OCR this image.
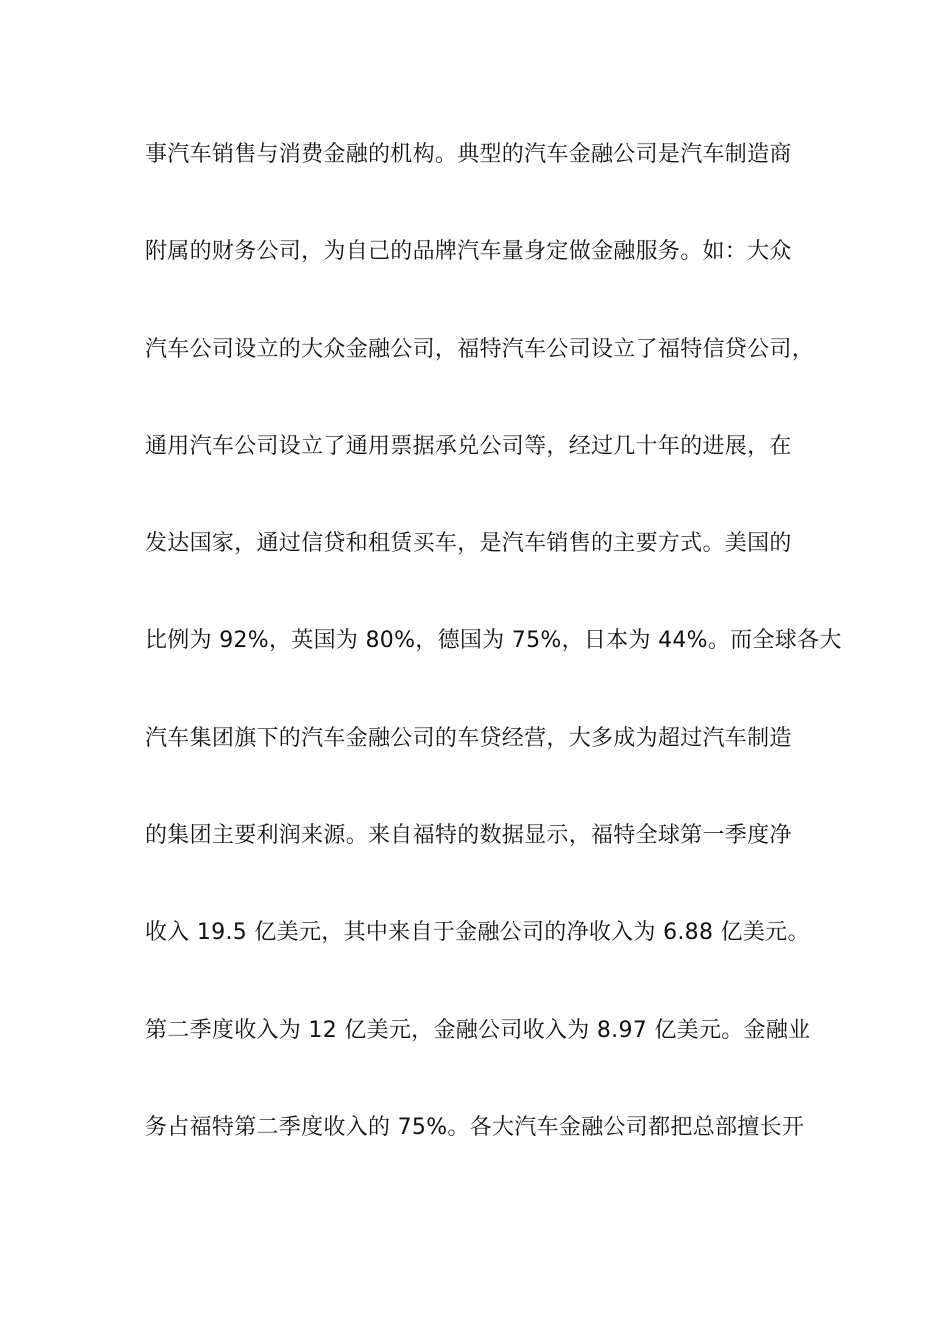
事汽车销售与消费金融的机构。典型的汽车金融公司是汽车制造商
附属的财务公司，为自己的品牌汽车量身定做金融服务。如：大众
汽车公司设立的大众金融公司，福特汽车公司设立了福特信贷公司，
通用汽车公司设立了通用票据承兑公司等，经过几十年的进展，在
发达国家，通过信贷和租赁买车，是汽车销售的主要方式。美国的
比例为 92%，英国为 80%，德国为 75%，日本为 44%。而全球各大
汽车集团旗下的汽车金融公司的车贷经营，大多成为超过汽车制造
的集团主要利润来源。来自福特的数据显示，福特全球第一季度净
收入 19.5 亿美元，其中来自于金融公司的净收入为 6.88 亿美元。
第二季度收入为 12 亿美元，金融公司收入为 8.97 亿美元。金融业
务占福特第二季度收入的 75%。各大汽车金融公司都把总部擅长开
